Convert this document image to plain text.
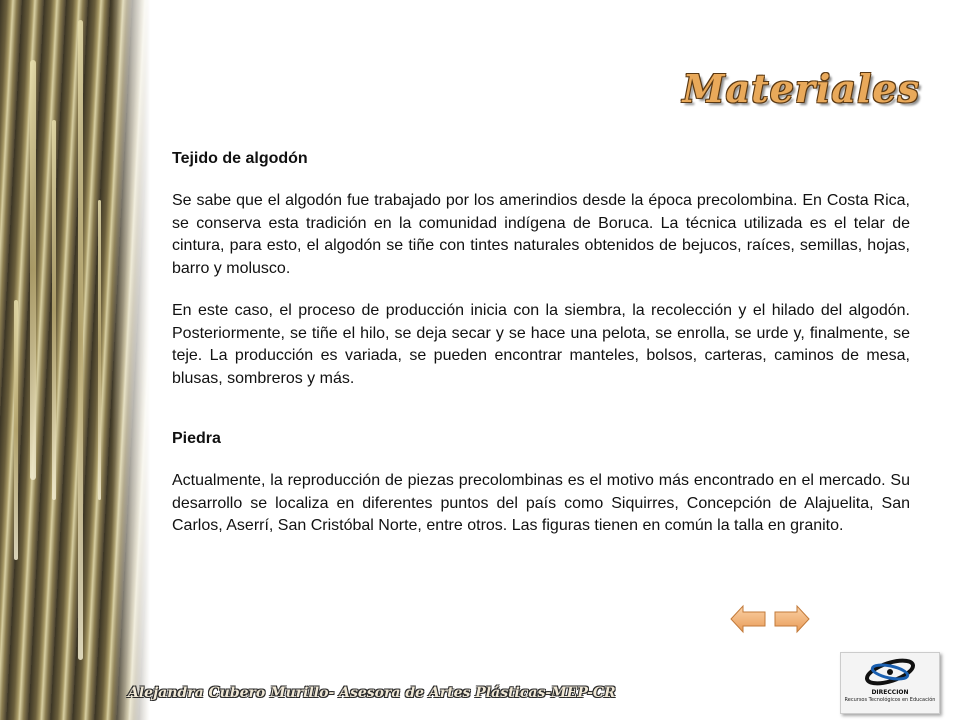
Materiales

Tejido de algodón

Se sabe que el algodón fue trabajado por los amerindios desde la época precolombina. En Costa Rica, se conserva esta tradición en la comunidad indígena de Boruca. La técnica utilizada es el telar de cintura, para esto, el algodón se tiñe con tintes naturales obtenidos de bejucos, raíces, semillas, hojas, barro y molusco.

En este caso, el proceso de producción inicia con la siembra, la recolección y el hilado del algodón. Posteriormente, se tiñe el hilo, se deja secar y se hace una pelota, se enrolla, se urde y, finalmente, se teje. La producción es variada, se pueden encontrar manteles, bolsos, carteras, caminos de mesa, blusas, sombreros y más.

Piedra

Actualmente, la reproducción de piezas precolombinas es el motivo más encontrado en el mercado. Su desarrollo se localiza en diferentes puntos del país como Siquirres, Concepción de Alajuelita, San Carlos, Aserrí, San Cristóbal Norte, entre otros. Las figuras tienen en común la talla en granito.

Alejandra Cubero Murillo- Asesora de Artes Plásticas-MEP-CR	DIRECCION
Recursos Tecnológicos en Educación
